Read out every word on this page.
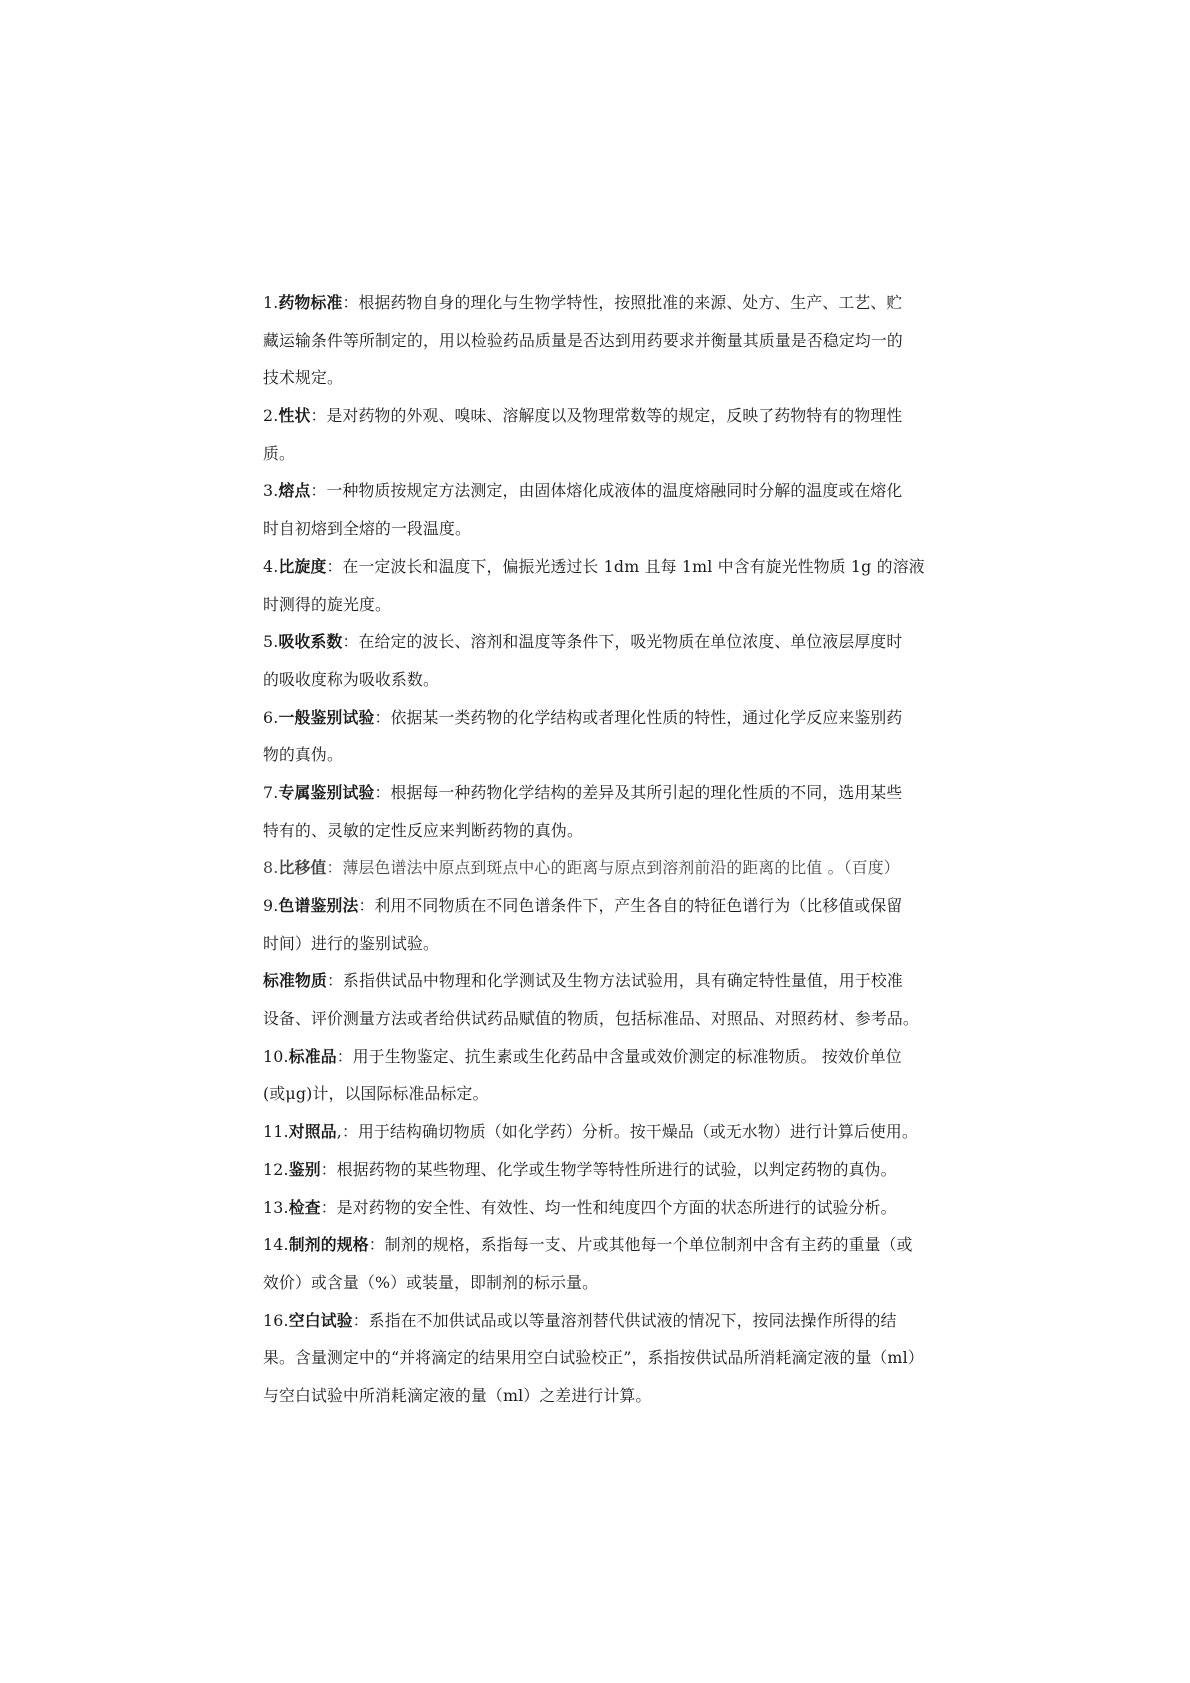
1.药物标准：根据药物自身的理化与生物学特性，按照批准的来源、处方、生产、工艺、贮
藏运输条件等所制定的，用以检验药品质量是否达到用药要求并衡量其质量是否稳定均一的
技术规定。
2.性状：是对药物的外观、嗅味、溶解度以及物理常数等的规定，反映了药物特有的物理性
质。
3.熔点：一种物质按规定方法测定，由固体熔化成液体的温度熔融同时分解的温度或在熔化
时自初熔到全熔的一段温度。
4.比旋度：在一定波长和温度下，偏振光透过长 1dm 且每 1ml 中含有旋光性物质 1g 的溶液
时测得的旋光度。
5.吸收系数：在给定的波长、溶剂和温度等条件下，吸光物质在单位浓度、单位液层厚度时
的吸收度称为吸收系数。
6.一般鉴别试验：依据某一类药物的化学结构或者理化性质的特性，通过化学反应来鉴别药
物的真伪。
7.专属鉴别试验：根据每一种药物化学结构的差异及其所引起的理化性质的不同，选用某些
特有的、灵敏的定性反应来判断药物的真伪。
8.比移值：薄层色谱法中原点到斑点中心的距离与原点到溶剂前沿的距离的比值 。（百度）
9.色谱鉴别法：利用不同物质在不同色谱条件下，产生各自的特征色谱行为（比移值或保留
时间）进行的鉴别试验。
标准物质：系指供试品中物理和化学测试及生物方法试验用，具有确定特性量值，用于校准
设备、评价测量方法或者给供试药品赋值的物质，包括标准品、对照品、对照药材、参考品。
10.标准品：用于生物鉴定、抗生素或生化药品中含量或效价测定的标准物质。 按效价单位
(或μg)计，以国际标准品标定。
11.对照品,：用于结构确切物质（如化学药）分析。按干燥品（或无水物）进行计算后使用。
12.鉴别：根据药物的某些物理、化学或生物学等特性所进行的试验，以判定药物的真伪。
13.检查：是对药物的安全性、有效性、均一性和纯度四个方面的状态所进行的试验分析。
14.制剂的规格：制剂的规格，系指每一支、片或其他每一个单位制剂中含有主药的重量（或
效价）或含量（%）或装量，即制剂的标示量。
16.空白试验：系指在不加供试品或以等量溶剂替代供试液的情况下，按同法操作所得的结
果。含量测定中的“并将滴定的结果用空白试验校正”，系指按供试品所消耗滴定液的量（ml）
与空白试验中所消耗滴定液的量（ml）之差进行计算。
